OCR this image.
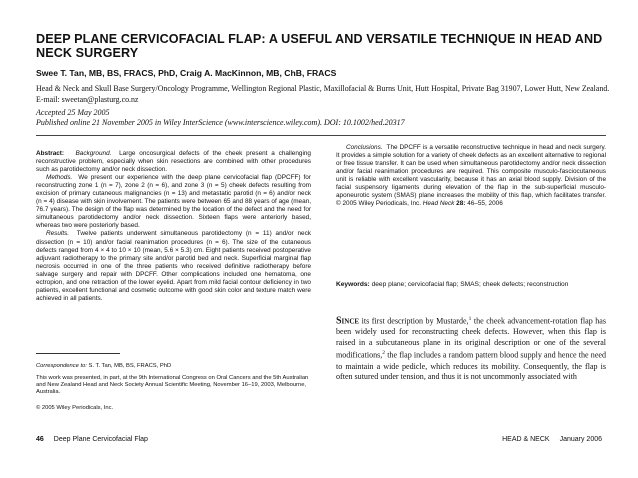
DEEP PLANE CERVICOFACIAL FLAP: A USEFUL AND VERSATILE TECHNIQUE IN HEAD AND NECK SURGERY
Swee T. Tan, MB, BS, FRACS, PhD, Craig A. MacKinnon, MB, ChB, FRACS
Head & Neck and Skull Base Surgery/Oncology Programme, Wellington Regional Plastic, Maxillofacial & Burns Unit, Hutt Hospital, Private Bag 31907, Lower Hutt, New Zealand. E-mail: sweetan@plasturg.co.nz
Accepted 25 May 2005
Published online 21 November 2005 in Wiley InterScience (www.interscience.wiley.com). DOI: 10.1002/hed.20317

Abstract: Background. Large oncosurgical defects of the cheek present a challenging reconstructive problem, especially when skin resections are combined with other procedures such as parotidectomy and/or neck dissection.

Methods. We present our experience with the deep plane cervicofacial flap (DPCFF) for reconstructing zone 1 (n = 7), zone 2 (n = 6), and zone 3 (n = 5) cheek defects resulting from excision of primary cutaneous malignancies (n = 13) and metastatic parotid (n = 6) and/or neck (n = 4) disease with skin involvement. The patients were between 65 and 88 years of age (mean, 76.7 years). The design of the flap was determined by the location of the defect and the need for simultaneous parotidectomy and/or neck dissection. Sixteen flaps were anteriorly based, whereas two were posteriorly based.

Results. Twelve patients underwent simultaneous parotidectomy (n = 11) and/or neck dissection (n = 10) and/or facial reanimation procedures (n = 6). The size of the cutaneous defects ranged from 4 × 4 to 10 × 10 (mean, 5.6 × 5.3) cm. Eight patients received postoperative adjuvant radiotherapy to the primary site and/or parotid bed and neck. Superficial marginal flap necrosis occurred in one of the three patients who received definitive radiotherapy before salvage surgery and repair with DPCFF. Other complications included one hematoma, one ectropion, and one retraction of the lower eyelid. Apart from mild facial contour deficiency in two patients, excellent functional and cosmetic outcome with good skin color and texture match were achieved in all patients.

Conclusions. The DPCFF is a versatile reconstructive technique in head and neck surgery. It provides a simple solution for a variety of cheek defects as an excellent alternative to regional or free tissue transfer. It can be used when simultaneous parotidectomy and/or neck dissection and/or facial reanimation procedures are required. This composite musculo-fasciocutaneous unit is reliable with excellent vascularity, because it has an axial blood supply. Division of the facial suspensory ligaments during elevation of the flap in the sub-superficial musculo-aponeurotic system (SMAS) plane increases the mobility of this flap, which facilitates transfer. © 2005 Wiley Periodicals, Inc. Head Neck 28: 46–55, 2006

Keywords: deep plane; cervicofacial flap; SMAS; cheek defects; reconstruction

Correspondence to: S. T. Tan, MB, BS, FRACS, PhD

This work was presented, in part, at the 9th International Congress on Oral Cancers and the 5th Australian and New Zealand Head and Neck Society Annual Scientific Meeting, November 16–19, 2003, Melbourne, Australia.

© 2005 Wiley Periodicals, Inc.

Since its first description by Mustarde,$^1$ the cheek advancement-rotation flap has been widely used for reconstructing cheek defects. However, when this flap is raised in a subcutaneous plane in its original description or one of the several modifications,$^2$ the flap includes a random pattern blood supply and hence the need to maintain a wide pedicle, which reduces its mobility. Consequently, the flap is often sutured under tension, and thus it is not uncommonly associated with

46 Deep Plane Cervicofacial Flap	HEAD & NECK January 2006
